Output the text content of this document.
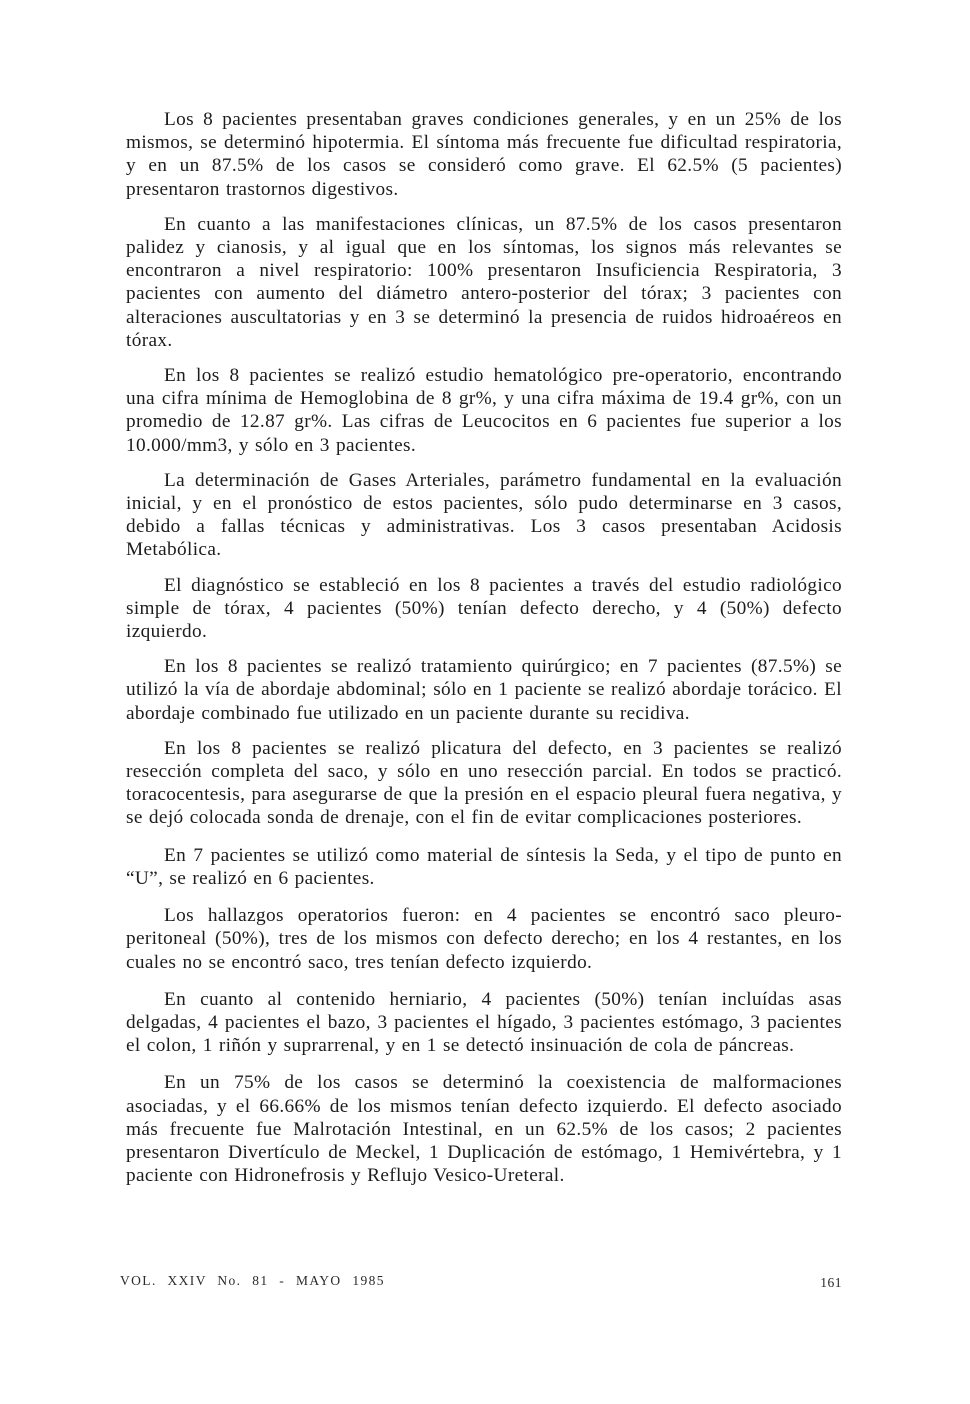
Los 8 pacientes presentaban graves condiciones generales, y en un 25% de los mismos, se determinó hipotermia. El síntoma más frecuente fue dificultad respiratoria, y en un 87.5% de los casos se consideró como grave. El 62.5% (5 pacientes) presentaron trastornos digestivos.

En cuanto a las manifestaciones clínicas, un 87.5% de los casos presentaron palidez y cianosis, y al igual que en los síntomas, los signos más relevantes se encontraron a nivel respiratorio: 100% presentaron Insuficiencia Respiratoria, 3 pacientes con aumento del diámetro antero-posterior del tórax; 3 pacientes con alteraciones auscultatorias y en 3 se determinó la presencia de ruidos hidroaéreos en tórax.

En los 8 pacientes se realizó estudio hematológico pre-operatorio, encontrando una cifra mínima de Hemoglobina de 8 gr%, y una cifra máxima de 19.4 gr%, con un promedio de 12.87 gr%. Las cifras de Leucocitos en 6 pacientes fue superior a los 10.000/mm3, y sólo en 3 pacientes.

La determinación de Gases Arteriales, parámetro fundamental en la evaluación inicial, y en el pronóstico de estos pacientes, sólo pudo determinarse en 3 casos, debido a fallas técnicas y administrativas. Los 3 casos presentaban Acidosis Metabólica.

El diagnóstico se estableció en los 8 pacientes a través del estudio radiológico simple de tórax, 4 pacientes (50%) tenían defecto derecho, y 4 (50%) defecto izquierdo.

En los 8 pacientes se realizó tratamiento quirúrgico; en 7 pacientes (87.5%) se utilizó la vía de abordaje abdominal; sólo en 1 paciente se realizó abordaje torácico. El abordaje combinado fue utilizado en un paciente durante su recidiva.

En los 8 pacientes se realizó plicatura del defecto, en 3 pacientes se realizó resección completa del saco, y sólo en uno resección parcial. En todos se practicó. toracocentesis, para asegurarse de que la presión en el espacio pleural fuera negativa, y se dejó colocada sonda de drenaje, con el fin de evitar complicaciones posteriores.

En 7 pacientes se utilizó como material de síntesis la Seda, y el tipo de punto en “U”, se realizó en 6 pacientes.

Los hallazgos operatorios fueron: en 4 pacientes se encontró saco pleuro-peritoneal (50%), tres de los mismos con defecto derecho; en los 4 restantes, en los cuales no se encontró saco, tres tenían defecto izquierdo.

En cuanto al contenido herniario, 4 pacientes (50%) tenían incluídas asas delgadas, 4 pacientes el bazo, 3 pacientes el hígado, 3 pacientes estómago, 3 pacientes el colon, 1 riñón y suprarrenal, y en 1 se detectó insinuación de cola de páncreas.

En un 75% de los casos se determinó la coexistencia de malformaciones asociadas, y el 66.66% de los mismos tenían defecto izquierdo. El defecto asociado más frecuente fue Malrotación Intestinal, en un 62.5% de los casos; 2 pacientes presentaron Divertículo de Meckel, 1 Duplicación de estómago, 1 Hemivértebra, y 1 paciente con Hidronefrosis y Reflujo Vesico-Ureteral.

VOL. XXIV No. 81 - MAYO 1985	161
